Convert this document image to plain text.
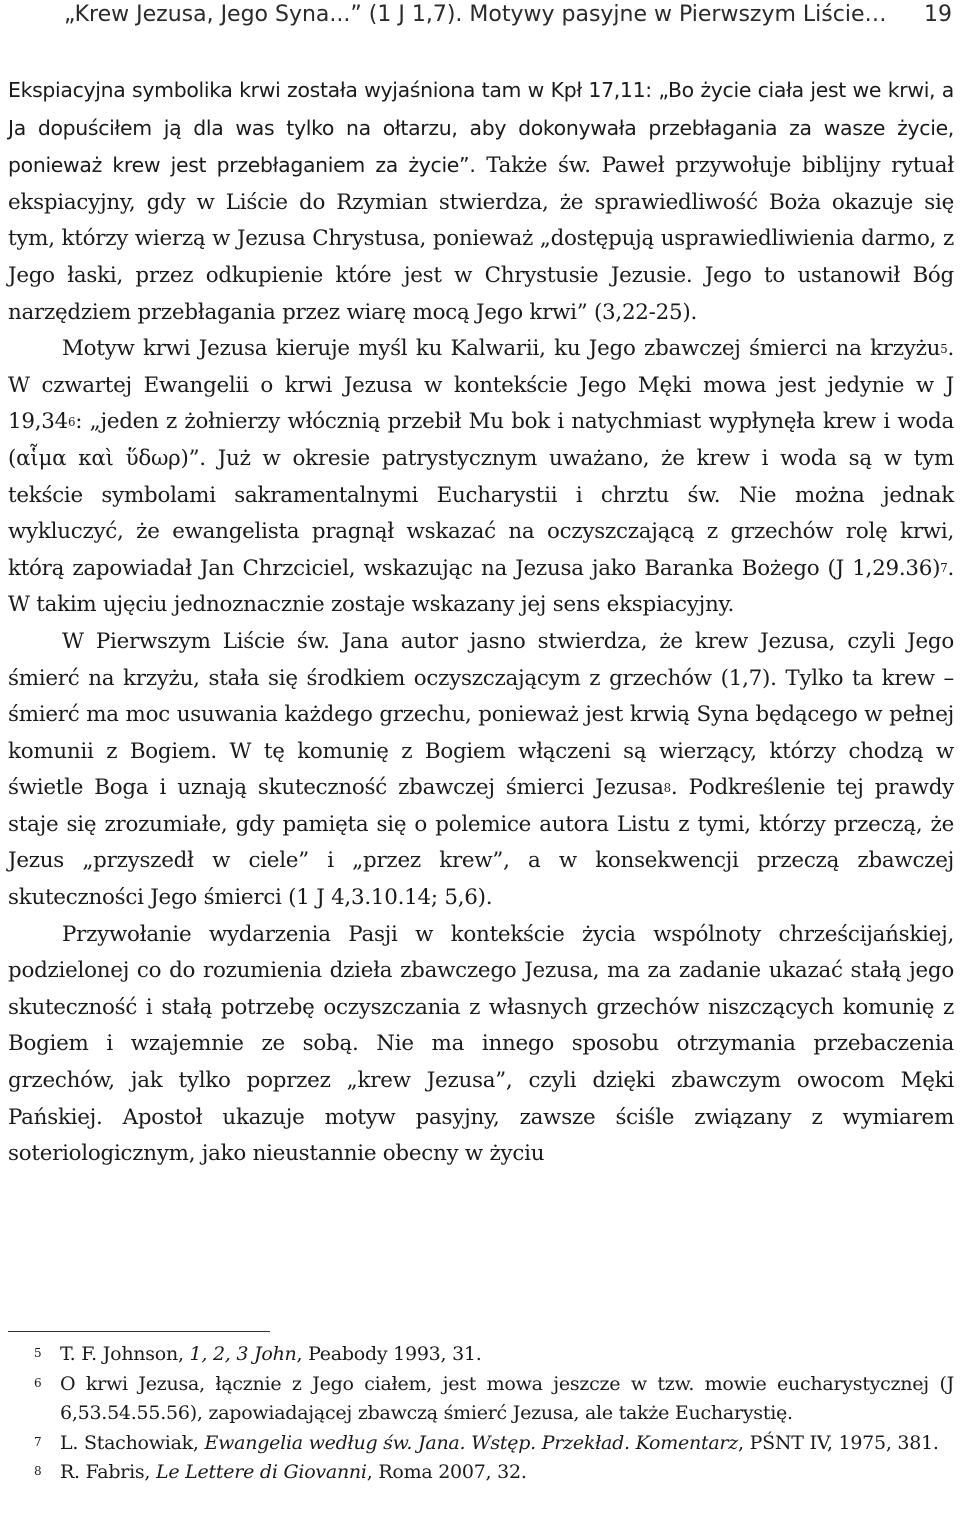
„Krew Jezusa, Jego Syna...” (1 J 1,7). Motywy pasyjne w Pierwszym Liście… 19

Ekspiacyjna symbolika krwi została wyjaśniona tam w Kpł 17,11: „Bo życie ciała jest we krwi, a Ja dopuściłem ją dla was tylko na ołtarzu, aby dokonywała przebłagania za wasze życie, ponieważ krew jest przebłaganiem za życie”. Także św. Paweł przywołuje biblijny rytuał ekspiacyjny, gdy w Liście do Rzymian stwierdza, że sprawiedliwość Boża okazuje się tym, którzy wierzą w Jezusa Chrystusa, ponieważ „dostępują usprawiedliwienia darmo, z Jego łaski, przez odkupienie które jest w Chrystusie Jezusie. Jego to ustanowił Bóg narzędziem przebłagania przez wiarę mocą Jego krwi” (3,22-25).

Motyw krwi Jezusa kieruje myśl ku Kalwarii, ku Jego zbawczej śmierci na krzyżu$^5$. W czwartej Ewangelii o krwi Jezusa w kontekście Jego Męki mowa jest jedynie w J 19,34$^6$: „jeden z żołnierzy włócznią przebił Mu bok i natychmiast wypłynęła krew i woda (αἷμα καὶ ὕδωρ)”. Już w okresie patrystycznym uważano, że krew i woda są w tym tekście symbolami sakramentalnymi Eucharystii i chrztu św. Nie można jednak wykluczyć, że ewangelista pragnął wskazać na oczyszczającą z grzechów rolę krwi, którą zapowiadał Jan Chrzciciel, wskazując na Jezusa jako Baranka Bożego (J 1,29.36)$^7$. W takim ujęciu jednoznacznie zostaje wskazany jej sens ekspiacyjny.

W Pierwszym Liście św. Jana autor jasno stwierdza, że krew Jezusa, czyli Jego śmierć na krzyżu, stała się środkiem oczyszczającym z grzechów (1,7). Tylko ta krew – śmierć ma moc usuwania każdego grzechu, ponieważ jest krwią Syna będącego w pełnej komunii z Bogiem. W tę komunię z Bogiem włączeni są wierzący, którzy chodzą w świetle Boga i uznają skuteczność zbawczej śmierci Jezusa$^8$. Podkreślenie tej prawdy staje się zrozumiałe, gdy pamięta się o polemice autora Listu z tymi, którzy przeczą, że Jezus „przyszedł w ciele” i „przez krew”, a w konsekwencji przeczą zbawczej skuteczności Jego śmierci (1 J 4,3.10.14; 5,6).

Przywołanie wydarzenia Pasji w kontekście życia wspólnoty chrześcijańskiej, podzielonej co do rozumienia dzieła zbawczego Jezusa, ma za zadanie ukazać stałą jego skuteczność i stałą potrzebę oczyszczania z własnych grzechów niszczących komunię z Bogiem i wzajemnie ze sobą. Nie ma innego sposobu otrzymania przebaczenia grzechów, jak tylko poprzez „krew Jezusa”, czyli dzięki zbawczym owocom Męki Pańskiej. Apostoł ukazuje motyw pasyjny, zawsze ściśle związany z wymiarem soteriologicznym, jako nieustannie obecny w życiu

5 T. F. Johnson, 1, 2, 3 John, Peabody 1993, 31.
6 O krwi Jezusa, łącznie z Jego ciałem, jest mowa jeszcze w tzw. mowie eucharystycznej (J 6,53.54.55.56), zapowiadającej zbawczą śmierć Jezusa, ale także Eucharystię.
7 L. Stachowiak, Ewangelia według św. Jana. Wstęp. Przekład. Komentarz, PŚNT IV, 1975, 381.
8 R. Fabris, Le Lettere di Giovanni, Roma 2007, 32.
